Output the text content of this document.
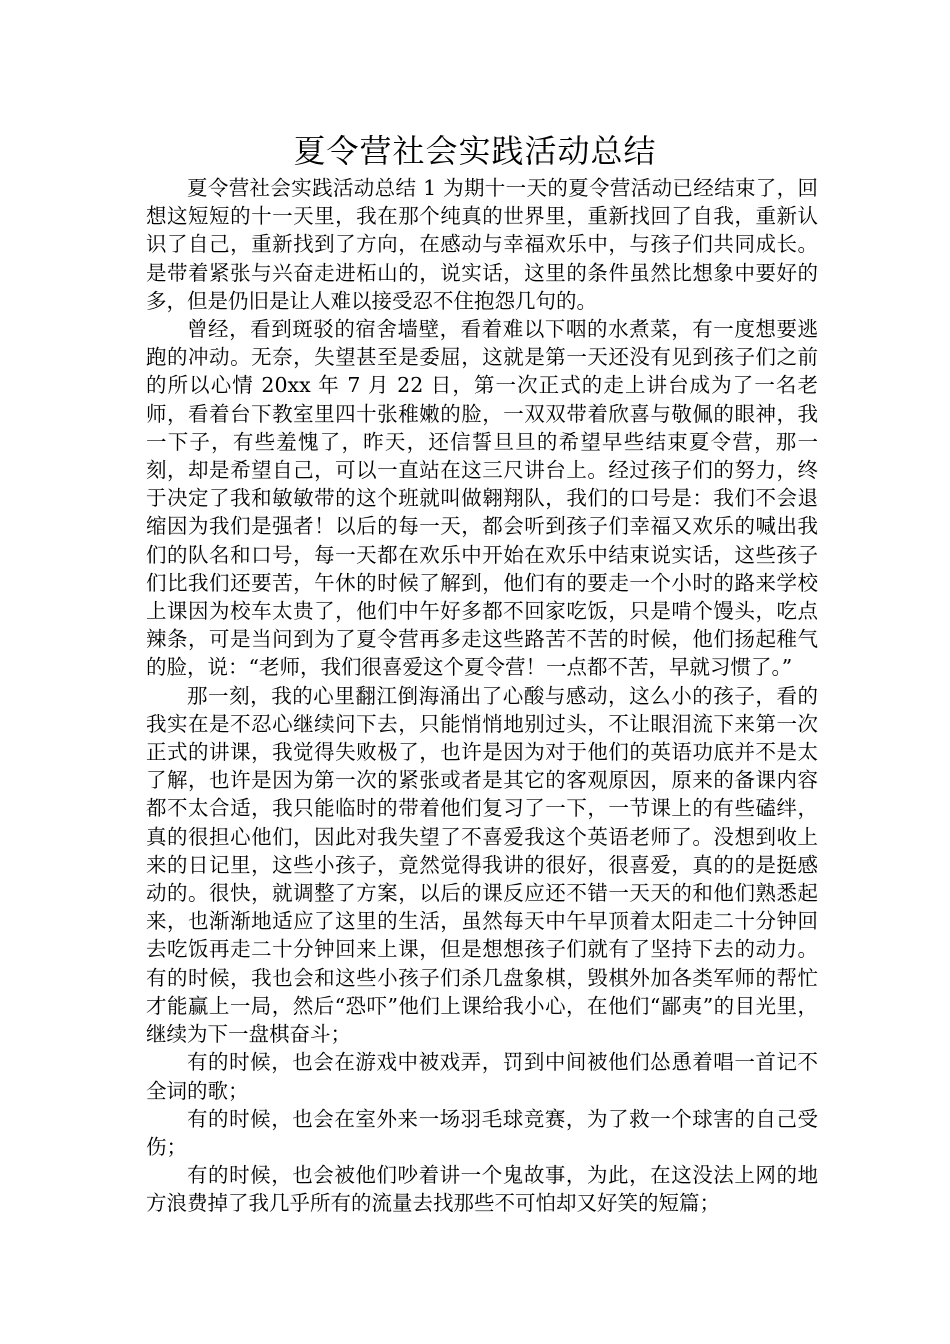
夏令营社会实践活动总结

夏令营社会实践活动总结 1 为期十一天的夏令营活动已经结束了，回想这短短的十一天里，我在那个纯真的世界里，重新找回了自我，重新认识了自己，重新找到了方向，在感动与幸福欢乐中，与孩子们共同成长。是带着紧张与兴奋走进柘山的，说实话，这里的条件虽然比想象中要好的多，但是仍旧是让人难以接受忍不住抱怨几句的。

曾经，看到斑驳的宿舍墙壁，看着难以下咽的水煮菜，有一度想要逃跑的冲动。无奈，失望甚至是委屈，这就是第一天还没有见到孩子们之前的所以心情 20xx 年 7 月 22 日，第一次正式的走上讲台成为了一名老师，看着台下教室里四十张稚嫩的脸，一双双带着欣喜与敬佩的眼神，我一下子，有些羞愧了，昨天，还信誓旦旦的希望早些结束夏令营，那一刻，却是希望自己，可以一直站在这三尺讲台上。经过孩子们的努力，终于决定了我和敏敏带的这个班就叫做翱翔队，我们的口号是：我们不会退缩因为我们是强者！以后的每一天，都会听到孩子们幸福又欢乐的喊出我们的队名和口号，每一天都在欢乐中开始在欢乐中结束说实话，这些孩子们比我们还要苦，午休的时候了解到，他们有的要走一个小时的路来学校上课因为校车太贵了，他们中午好多都不回家吃饭，只是啃个馒头，吃点辣条，可是当问到为了夏令营再多走这些路苦不苦的时候，他们扬起稚气的脸，说：“老师，我们很喜爱这个夏令营！一点都不苦，早就习惯了。”

那一刻，我的心里翻江倒海涌出了心酸与感动，这么小的孩子，看的我实在是不忍心继续问下去，只能悄悄地别过头，不让眼泪流下来第一次正式的讲课，我觉得失败极了，也许是因为对于他们的英语功底并不是太了解，也许是因为第一次的紧张或者是其它的客观原因，原来的备课内容都不太合适，我只能临时的带着他们复习了一下，一节课上的有些磕绊，真的很担心他们，因此对我失望了不喜爱我这个英语老师了。没想到收上来的日记里，这些小孩子，竟然觉得我讲的很好，很喜爱，真的的是挺感动的。很快，就调整了方案，以后的课反应还不错一天天的和他们熟悉起来，也渐渐地适应了这里的生活，虽然每天中午早顶着太阳走二十分钟回去吃饭再走二十分钟回来上课，但是想想孩子们就有了坚持下去的动力。有的时候，我也会和这些小孩子们杀几盘象棋，毁棋外加各类军师的帮忙才能赢上一局，然后“恐吓”他们上课给我小心，在他们“鄙夷”的目光里，继续为下一盘棋奋斗；

有的时候，也会在游戏中被戏弄，罚到中间被他们怂恿着唱一首记不全词的歌；

有的时候，也会在室外来一场羽毛球竞赛，为了救一个球害的自己受伤；

有的时候，也会被他们吵着讲一个鬼故事，为此，在这没法上网的地方浪费掉了我几乎所有的流量去找那些不可怕却又好笑的短篇；
